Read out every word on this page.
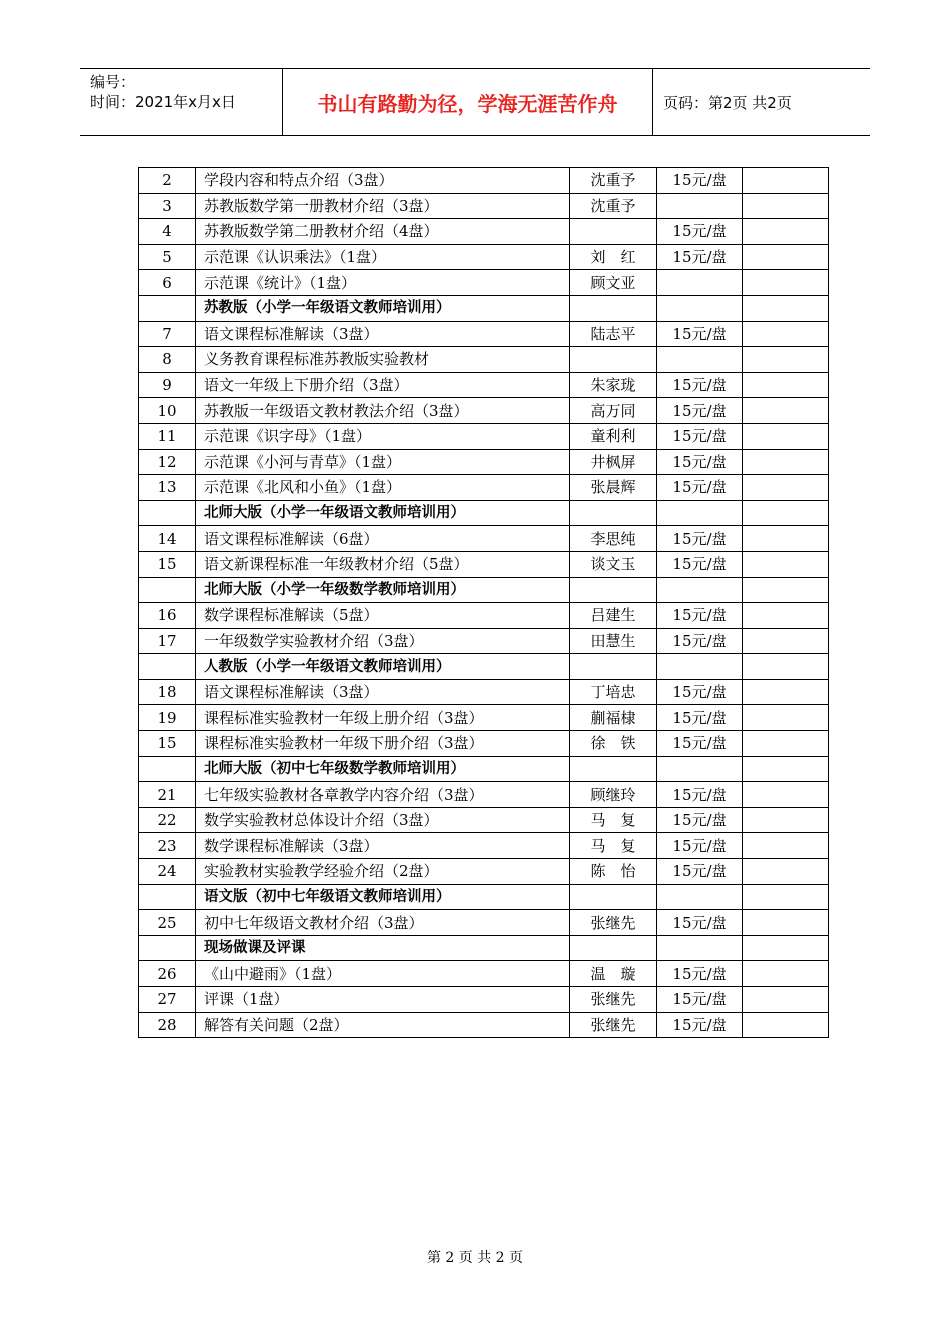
编号：
时间：2021年x月x日	书山有路勤为径，学海无涯苦作舟	页码：第2页 共2页
2	学段内容和特点介绍（3盘）	沈重予	15元/盘	
3	苏教版数学第一册教材介绍（3盘）	沈重予		
4	苏教版数学第二册教材介绍（4盘）		15元/盘	
5	示范课《认识乘法》（1盘）	刘　红	15元/盘	
6	示范课《统计》（1盘）	顾文亚		
	苏教版（小学一年级语文教师培训用）			
7	语文课程标准解读（3盘）	陆志平	15元/盘	
8	义务教育课程标准苏教版实验教材			
9	语文一年级上下册介绍（3盘）	朱家珑	15元/盘	
10	苏教版一年级语文教材教法介绍（3盘）	高万同	15元/盘	
11	示范课《识字母》（1盘）	童利利	15元/盘	
12	示范课《小河与青草》（1盘）	井枫屏	15元/盘	
13	示范课《北风和小鱼》（1盘）	张晨辉	15元/盘	
	北师大版（小学一年级语文教师培训用）			
14	语文课程标准解读（6盘）	李思纯	15元/盘	
15	语文新课程标准一年级教材介绍（5盘）	谈文玉	15元/盘	
	北师大版（小学一年级数学教师培训用）			
16	数学课程标准解读（5盘）	吕建生	15元/盘	
17	一年级数学实验教材介绍（3盘）	田慧生	15元/盘	
	人教版（小学一年级语文教师培训用）			
18	语文课程标准解读（3盘）	丁培忠	15元/盘	
19	课程标准实验教材一年级上册介绍（3盘）	蒯福棣	15元/盘	
15	课程标准实验教材一年级下册介绍（3盘）	徐　铁	15元/盘	
	北师大版（初中七年级数学教师培训用）			
21	七年级实验教材各章教学内容介绍（3盘）	顾继玲	15元/盘	
22	数学实验教材总体设计介绍（3盘）	马　复	15元/盘	
23	数学课程标准解读（3盘）	马　复	15元/盘	
24	实验教材实验教学经验介绍（2盘）	陈　怡	15元/盘	
	语文版（初中七年级语文教师培训用）			
25	初中七年级语文教材介绍（3盘）	张继先	15元/盘	
	现场做课及评课			
26	《山中避雨》（1盘）	温　璇	15元/盘	
27	评课（1盘）	张继先	15元/盘	
28	解答有关问题（2盘）	张继先	15元/盘	
第 2 页 共 2 页
